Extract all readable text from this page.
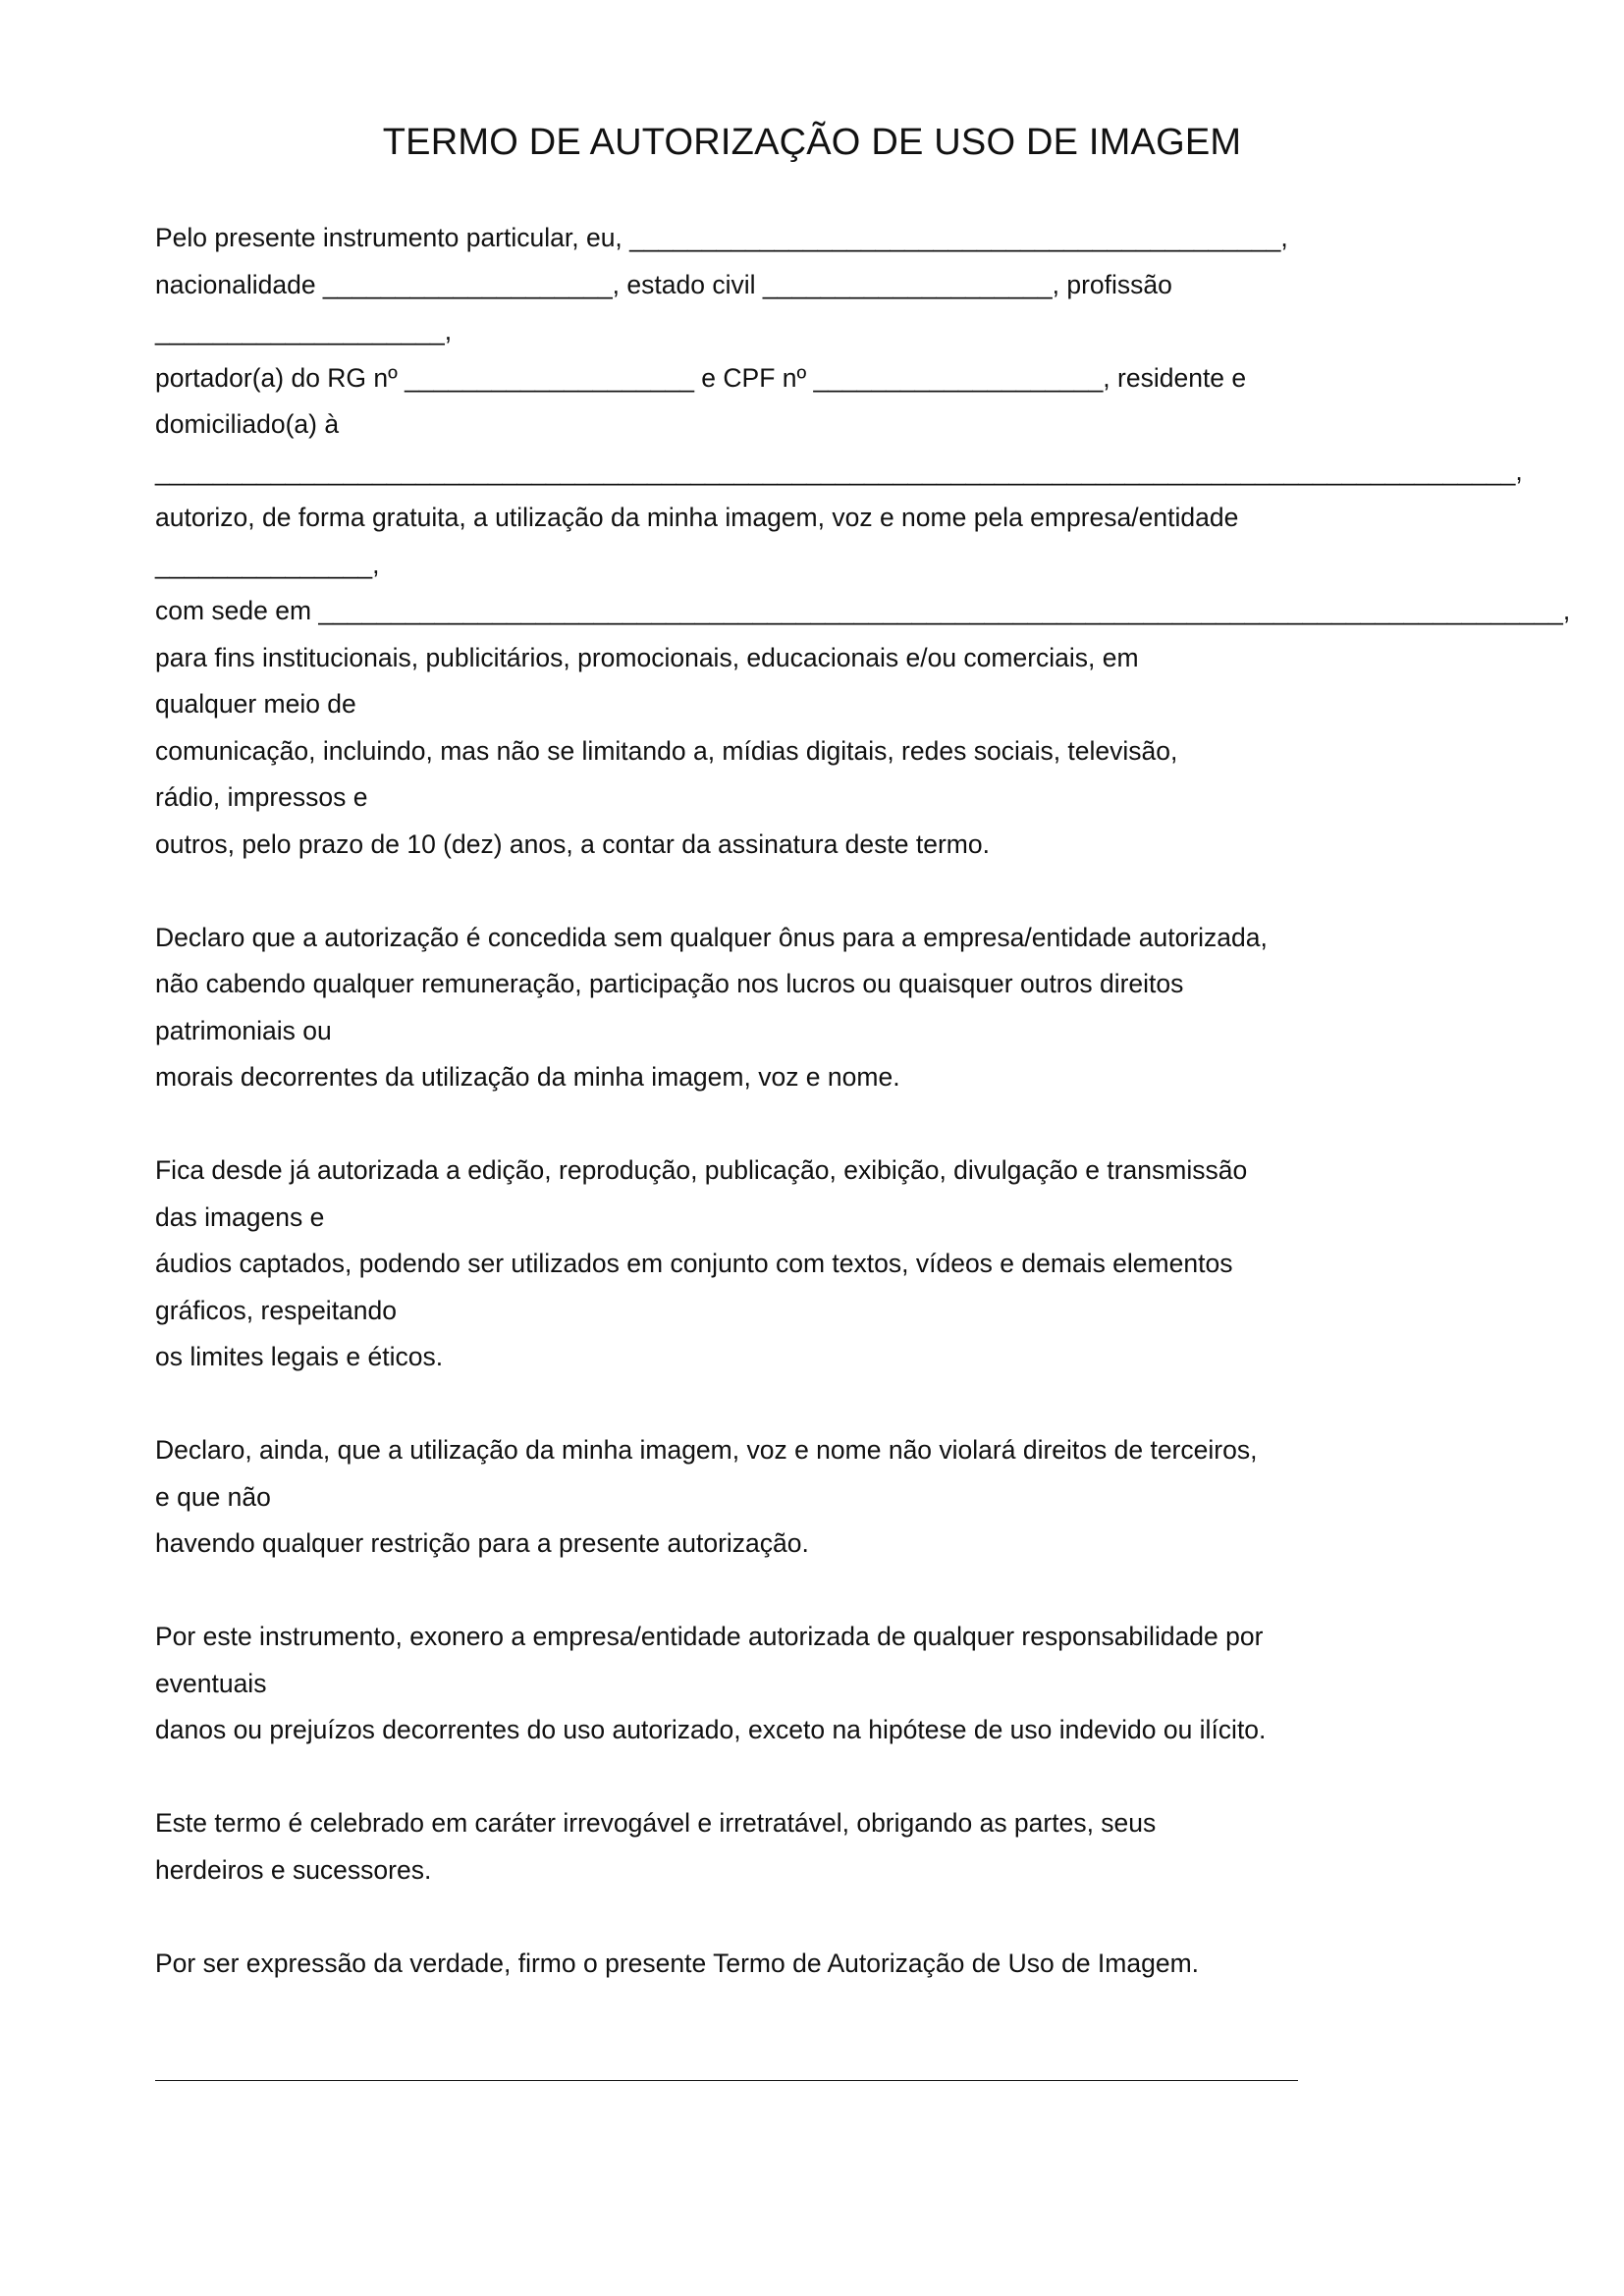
TERMO DE AUTORIZAÇÃO DE USO DE IMAGEM
Pelo presente instrumento particular, eu, _____________________________________________,
nacionalidade ____________________, estado civil ____________________, profissão
____________________,
portador(a) do RG nº ____________________ e CPF nº ____________________, residente e
domiciliado(a) à
______________________________________________________________________________________________,
autorizo, de forma gratuita, a utilização da minha imagem, voz e nome pela empresa/entidade
_______________,
com sede em ______________________________________________________________________________________,
para fins institucionais, publicitários, promocionais, educacionais e/ou comerciais, em
qualquer meio de
comunicação, incluindo, mas não se limitando a, mídias digitais, redes sociais, televisão,
rádio, impressos e
outros, pelo prazo de 10 (dez) anos, a contar da assinatura deste termo.
Declaro que a autorização é concedida sem qualquer ônus para a empresa/entidade autorizada,
não cabendo qualquer remuneração, participação nos lucros ou quaisquer outros direitos
patrimoniais ou
morais decorrentes da utilização da minha imagem, voz e nome.
Fica desde já autorizada a edição, reprodução, publicação, exibição, divulgação e transmissão
das imagens e
áudios captados, podendo ser utilizados em conjunto com textos, vídeos e demais elementos
gráficos, respeitando
os limites legais e éticos.
Declaro, ainda, que a utilização da minha imagem, voz e nome não violará direitos de terceiros,
e que não
havendo qualquer restrição para a presente autorização.
Por este instrumento, exonero a empresa/entidade autorizada de qualquer responsabilidade por
eventuais
danos ou prejuízos decorrentes do uso autorizado, exceto na hipótese de uso indevido ou ilícito.
Este termo é celebrado em caráter irrevogável e irretratável, obrigando as partes, seus
herdeiros e sucessores.
Por ser expressão da verdade, firmo o presente Termo de Autorização de Uso de Imagem.
